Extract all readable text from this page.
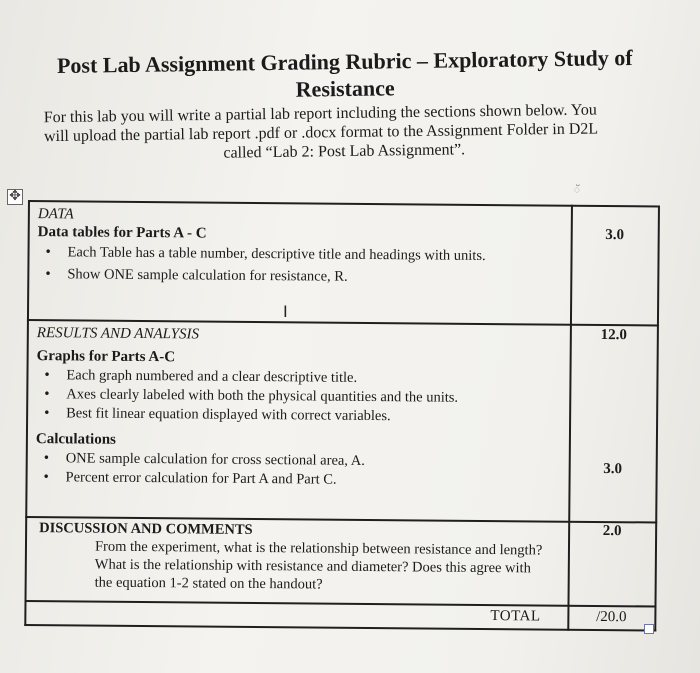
Post Lab Assignment Grading Rubric – Exploratory Study of
Resistance
For this lab you will write a partial lab report including the sections shown below. You
will upload the partial lab report .pdf or .docx format to the Assignment Folder in D2L
called “Lab 2: Post Lab Assignment”.
✥	ॅ
DATA
Data tables for Parts A - C
• Each Table has a table number, descriptive title and headings with units.
• Show ONE sample calculation for resistance, R.
3.0
RESULTS AND ANALYSIS
Graphs for Parts A-C
• Each graph numbered and a clear descriptive title.
• Axes clearly labeled with both the physical quantities and the units.
• Best fit linear equation displayed with correct variables.
Calculations
• ONE sample calculation for cross sectional area, A.
• Percent error calculation for Part A and Part C.
12.0
3.0
DISCUSSION AND COMMENTS
From the experiment, what is the relationship between resistance and length? What is the relationship with resistance and diameter? Does this agree with the equation 1-2 stated on the handout?
2.0
TOTAL	/20.0
Ι
